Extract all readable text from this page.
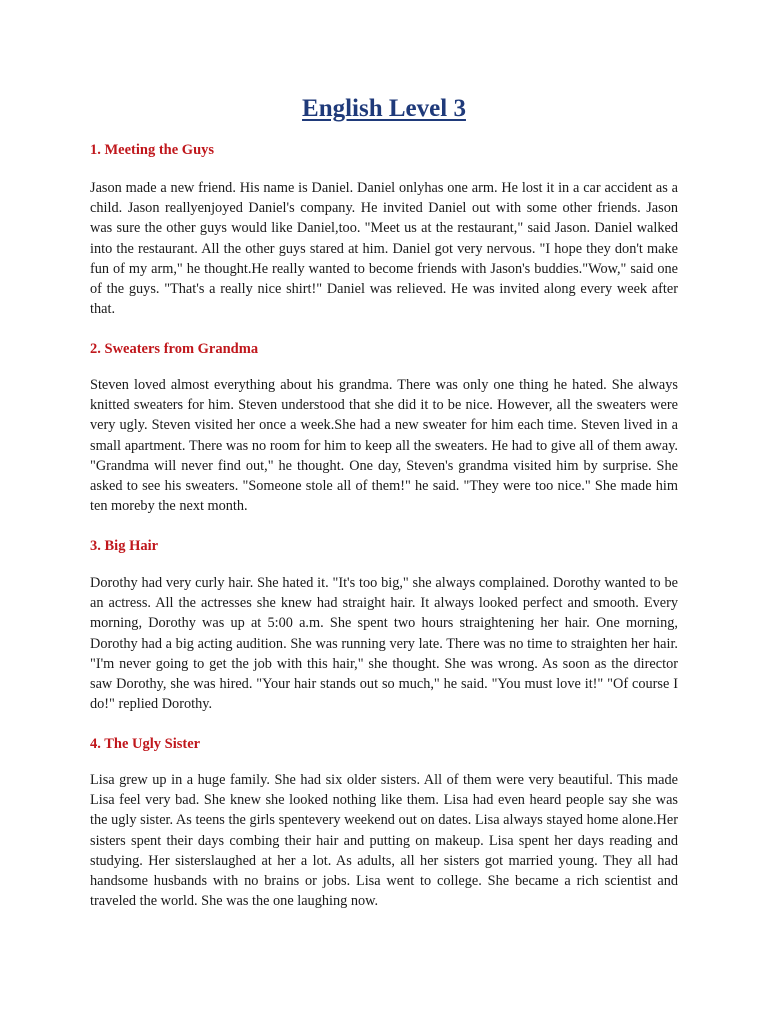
English Level 3
1. Meeting the Guys

Jason made a new friend. His name is Daniel. Daniel onlyhas one arm. He lost it in a car accident as a child. Jason reallyenjoyed Daniel's company. He invited Daniel out with some other friends. Jason was sure the other guys would like Daniel,too. "Meet us at the restaurant," said Jason. Daniel walked into the restaurant. All the other guys stared at him. Daniel got very nervous. "I hope they don't make fun of my arm," he thought.He really wanted to become friends with Jason's buddies."Wow," said one of the guys. "That's a really nice shirt!" Daniel was relieved. He was invited along every week after that.

2. Sweaters from Grandma

Steven loved almost everything about his grandma. There was only one thing he hated. She always knitted sweaters for him. Steven understood that she did it to be nice. However, all the sweaters were very ugly. Steven visited her once a week.She had a new sweater for him each time. Steven lived in a small apartment. There was no room for him to keep all the sweaters. He had to give all of them away. "Grandma will never find out," he thought. One day, Steven's grandma visited him by surprise. She asked to see his sweaters. "Someone stole all of them!" he said. "They were too nice." She made him ten moreby the next month.

3. Big Hair

Dorothy had very curly hair. She hated it. "It's too big," she always complained. Dorothy wanted to be an actress. All the actresses she knew had straight hair. It always looked perfect and smooth. Every morning, Dorothy was up at 5:00 a.m. She spent two hours straightening her hair. One morning, Dorothy had a big acting audition. She was running very late. There was no time to straighten her hair. "I'm never going to get the job with this hair," she thought. She was wrong. As soon as the director saw Dorothy, she was hired. "Your hair stands out so much," he said. "You must love it!" "Of course I do!" replied Dorothy.

4. The Ugly Sister

Lisa grew up in a huge family. She had six older sisters. All of them were very beautiful. This made Lisa feel very bad. She knew she looked nothing like them. Lisa had even heard people say she was the ugly sister. As teens the girls spentevery weekend out on dates. Lisa always stayed home alone.Her sisters spent their days combing their hair and putting on makeup. Lisa spent her days reading and studying. Her sisterslaughed at her a lot. As adults, all her sisters got married young. They all had handsome husbands with no brains or jobs. Lisa went to college. She became a rich scientist and traveled the world. She was the one laughing now.
